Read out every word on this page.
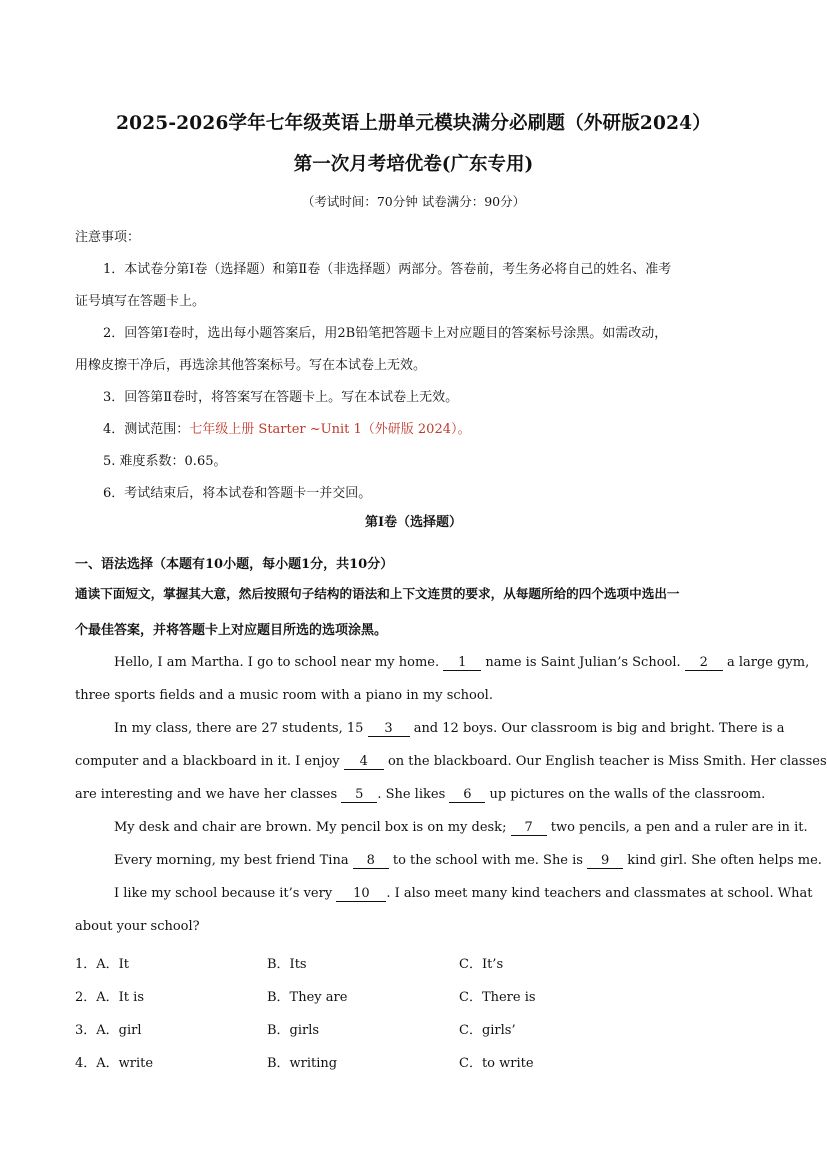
2025-2026学年七年级英语上册单元模块满分必刷题（外研版2024）
第一次月考培优卷(广东专用)
（考试时间：70分钟 试卷满分：90分）
注意事项：
1．本试卷分第Ⅰ卷（选择题）和第Ⅱ卷（非选择题）两部分。答卷前，考生务必将自己的姓名、准考
证号填写在答题卡上。
2．回答第Ⅰ卷时，选出每小题答案后，用2B铅笔把答题卡上对应题目的答案标号涂黑。如需改动，
用橡皮擦干净后，再选涂其他答案标号。写在本试卷上无效。
3．回答第Ⅱ卷时，将答案写在答题卡上。写在本试卷上无效。
4．测试范围：七年级上册 Starter ~Unit 1（外研版 2024）。
5. 难度系数：0.65。
6．考试结束后，将本试卷和答题卡一并交回。
第Ⅰ卷（选择题）
一、语法选择（本题有10小题，每小题1分，共10分）
通读下面短文，掌握其大意，然后按照句子结构的语法和上下文连贯的要求，从每题所给的四个选项中选出一
个最佳答案，并将答题卡上对应题目所选的选项涂黑。
Hello, I am Martha. I go to school near my home. 1 name is Saint Julian’s School. 2 a large gym,
three sports fields and a music room with a piano in my school.
In my class, there are 27 students, 15 3 and 12 boys. Our classroom is big and bright. There is a
computer and a blackboard in it. I enjoy 4 on the blackboard. Our English teacher is Miss Smith. Her classes
are interesting and we have her classes 5 . She likes 6 up pictures on the walls of the classroom.
My desk and chair are brown. My pencil box is on my desk; 7 two pencils, a pen and a ruler are in it.
Every morning, my best friend Tina 8 to the school with me. She is 9 kind girl. She often helps me.
I like my school because it’s very 10 . I also meet many kind teachers and classmates at school. What
about your school?
1．A．It	B．Its	C．It’s
2．A．It is	B．They are	C．There is
3．A．girl	B．girls	C．girls’
4．A．write	B．writing	C．to write
